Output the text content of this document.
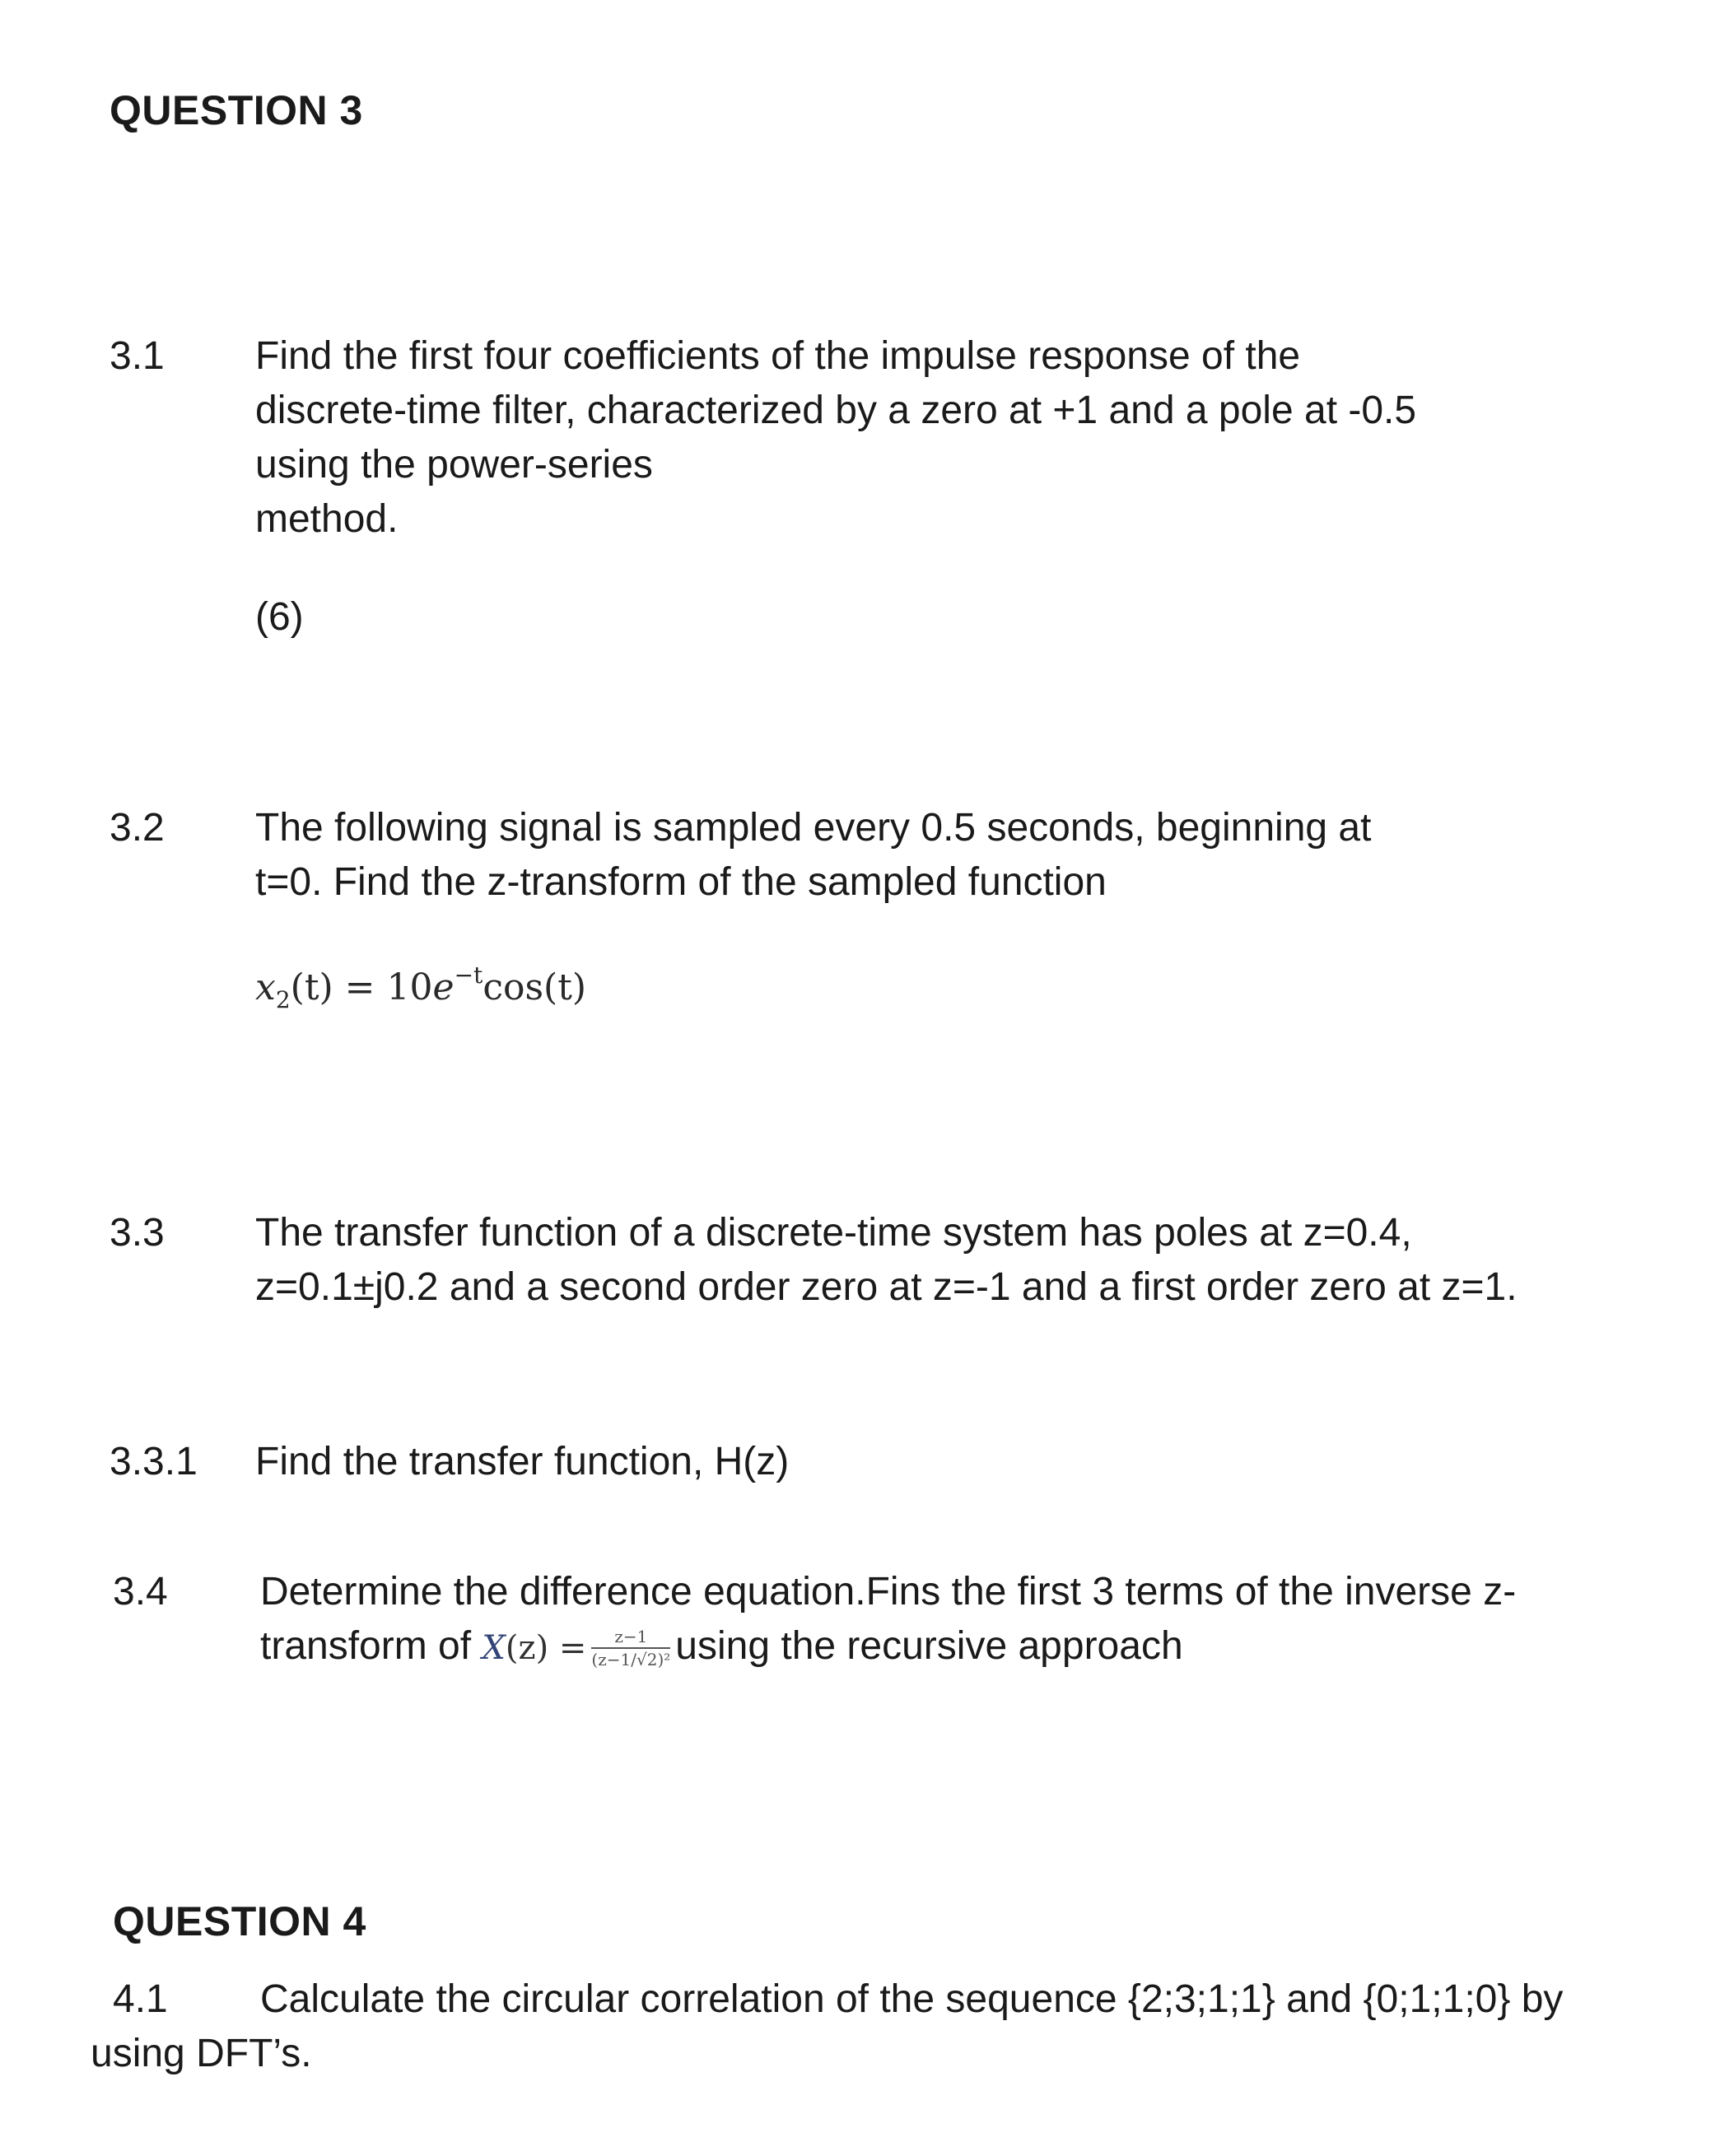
QUESTION 3
3.1 Find the first four coefficients of the impulse response of the
discrete-time filter, characterized by a zero at +1 and a pole at -0.5
using the power-series
method.
(6)
3.2 The following signal is sampled every 0.5 seconds, beginning at
t=0. Find the z-transform of the sampled function
$x_2(t) = 10e^{-t}\cos(t)$
3.3 The transfer function of a discrete-time system has poles at z=0.4,
z=0.1±j0.2 and a second order zero at z=-1 and a first order zero at z=1.
3.3.1 Find the transfer function, H(z)
3.4 Determine the difference equation.Fins the first 3 terms of the inverse z-
transform of $X(z) = \frac{z-1}{\text{(z−1/√2)²}}$ using the recursive approach
QUESTION 4
4.1 Calculate the circular correlation of the sequence {2;3;1;1} and {0;1;1;0} by
using DFT’s.
